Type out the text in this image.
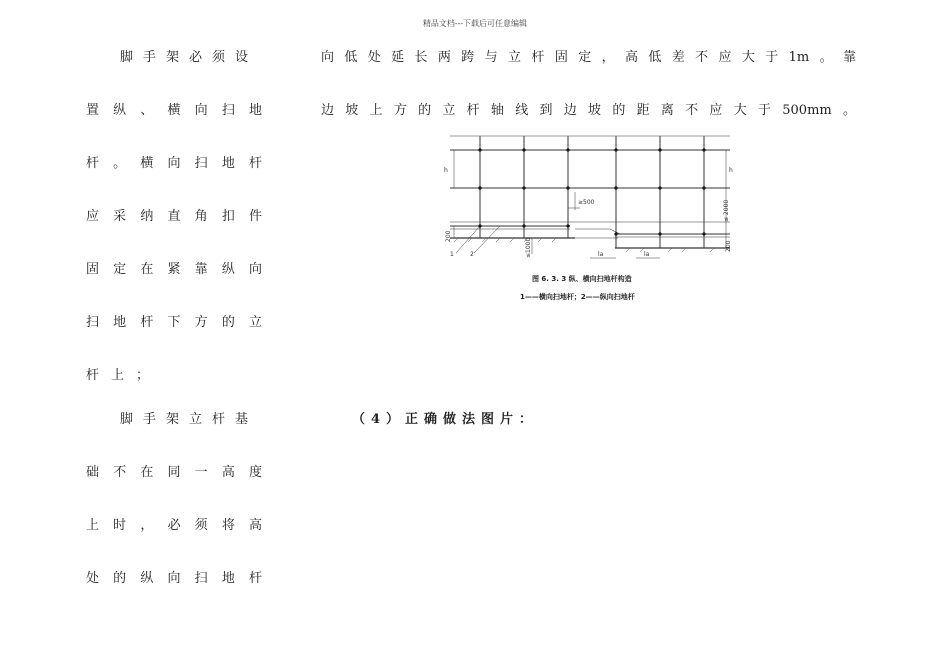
精品文档---下载后可任意编辑
脚手架必须设
置纵、横向扫地
杆。横向扫地杆
应采纳直角扣件
固定在紧靠纵向
扫地杆下方的立
杆上；
脚手架立杆基
础不在同一高度
上时，必须将高
处的纵向扫地杆
向低处延长两跨与立杆固定，高低差不应大于1m。靠
边坡上方的立杆轴线到边坡的距离不应大于500mm。
h	h
≥500	≤ 2000
200
200
≤1000	la	la
1	2
图 6. 3. 3 纵、横向扫地杆构造
1——横向扫地杆；2——纵向扫地杆
（4）正确做法图片：
